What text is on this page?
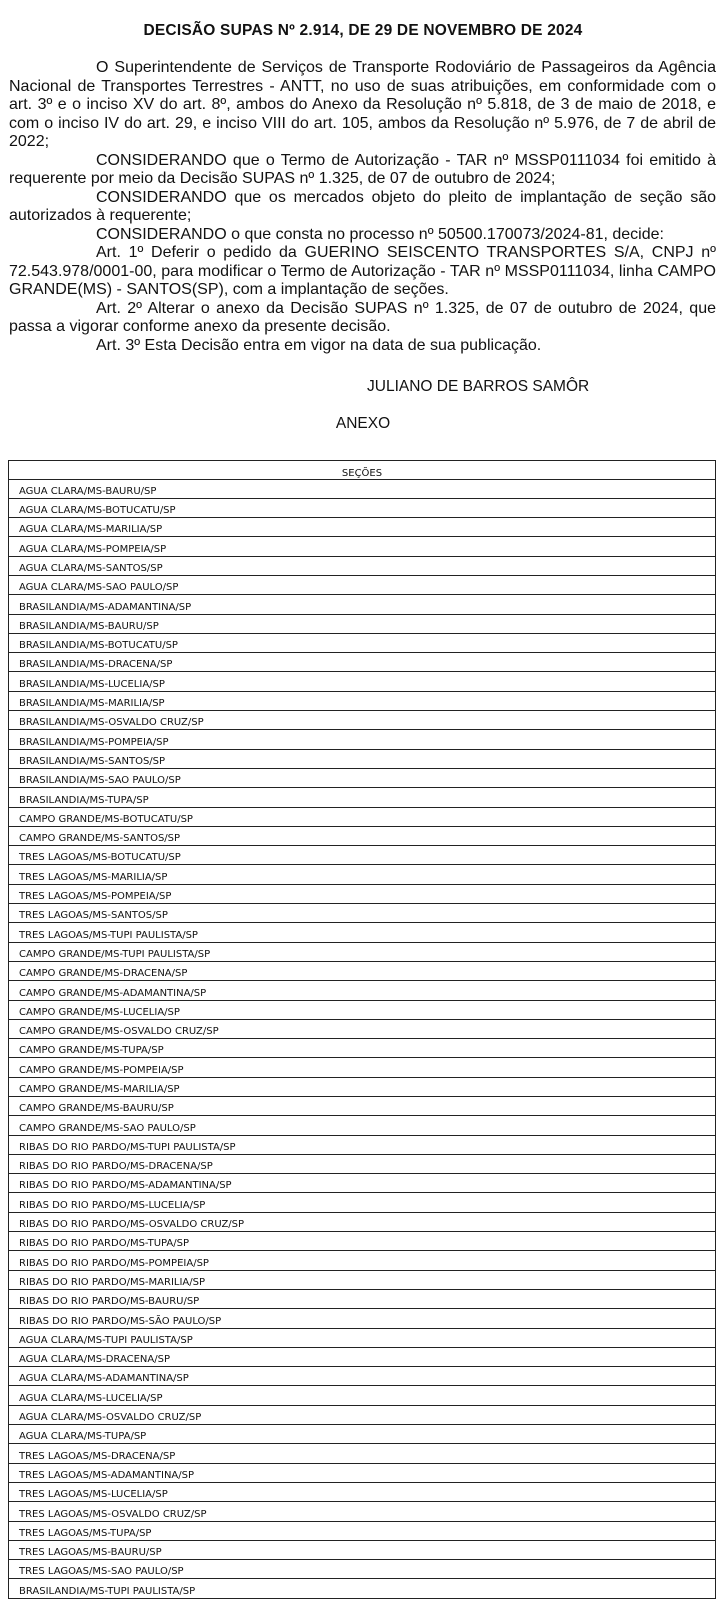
DECISÃO SUPAS Nº 2.914, DE 29 DE NOVEMBRO DE 2024

O Superintendente de Serviços de Transporte Rodoviário de Passageiros da Agência Nacional de Transportes Terrestres - ANTT, no uso de suas atribuições, em conformidade com o art. 3º e o inciso XV do art. 8º, ambos do Anexo da Resolução nº 5.818, de 3 de maio de 2018, e com o inciso IV do art. 29, e inciso VIII do art. 105, ambos da Resolução nº 5.976, de 7 de abril de 2022;

CONSIDERANDO que o Termo de Autorização - TAR nº MSSP0111034 foi emitido à requerente por meio da Decisão SUPAS nº 1.325, de 07 de outubro de 2024;

CONSIDERANDO que os mercados objeto do pleito de implantação de seção são autorizados à requerente;

CONSIDERANDO o que consta no processo nº 50500.170073/2024-81, decide:

Art. 1º Deferir o pedido da GUERINO SEISCENTO TRANSPORTES S/A, CNPJ nº 72.543.978/0001-00, para modificar o Termo de Autorização - TAR nº MSSP0111034, linha CAMPO GRANDE(MS) - SANTOS(SP), com a implantação de seções.

Art. 2º Alterar o anexo da Decisão SUPAS nº 1.325, de 07 de outubro de 2024, que passa a vigorar conforme anexo da presente decisão.

Art. 3º Esta Decisão entra em vigor na data de sua publicação.

JULIANO DE BARROS SAMÔR
ANEXO
SEÇÕES
AGUA CLARA/MS-BAURU/SP
AGUA CLARA/MS-BOTUCATU/SP
AGUA CLARA/MS-MARILIA/SP
AGUA CLARA/MS-POMPEIA/SP
AGUA CLARA/MS-SANTOS/SP
AGUA CLARA/MS-SAO PAULO/SP
BRASILANDIA/MS-ADAMANTINA/SP
BRASILANDIA/MS-BAURU/SP
BRASILANDIA/MS-BOTUCATU/SP
BRASILANDIA/MS-DRACENA/SP
BRASILANDIA/MS-LUCELIA/SP
BRASILANDIA/MS-MARILIA/SP
BRASILANDIA/MS-OSVALDO CRUZ/SP
BRASILANDIA/MS-POMPEIA/SP
BRASILANDIA/MS-SANTOS/SP
BRASILANDIA/MS-SAO PAULO/SP
BRASILANDIA/MS-TUPA/SP
CAMPO GRANDE/MS-BOTUCATU/SP
CAMPO GRANDE/MS-SANTOS/SP
TRES LAGOAS/MS-BOTUCATU/SP
TRES LAGOAS/MS-MARILIA/SP
TRES LAGOAS/MS-POMPEIA/SP
TRES LAGOAS/MS-SANTOS/SP
TRES LAGOAS/MS-TUPI PAULISTA/SP
CAMPO GRANDE/MS-TUPI PAULISTA/SP
CAMPO GRANDE/MS-DRACENA/SP
CAMPO GRANDE/MS-ADAMANTINA/SP
CAMPO GRANDE/MS-LUCELIA/SP
CAMPO GRANDE/MS-OSVALDO CRUZ/SP
CAMPO GRANDE/MS-TUPA/SP
CAMPO GRANDE/MS-POMPEIA/SP
CAMPO GRANDE/MS-MARILIA/SP
CAMPO GRANDE/MS-BAURU/SP
CAMPO GRANDE/MS-SAO PAULO/SP
RIBAS DO RIO PARDO/MS-TUPI PAULISTA/SP
RIBAS DO RIO PARDO/MS-DRACENA/SP
RIBAS DO RIO PARDO/MS-ADAMANTINA/SP
RIBAS DO RIO PARDO/MS-LUCELIA/SP
RIBAS DO RIO PARDO/MS-OSVALDO CRUZ/SP
RIBAS DO RIO PARDO/MS-TUPA/SP
RIBAS DO RIO PARDO/MS-POMPEIA/SP
RIBAS DO RIO PARDO/MS-MARILIA/SP
RIBAS DO RIO PARDO/MS-BAURU/SP
RIBAS DO RIO PARDO/MS-SÃO PAULO/SP
AGUA CLARA/MS-TUPI PAULISTA/SP
AGUA CLARA/MS-DRACENA/SP
AGUA CLARA/MS-ADAMANTINA/SP
AGUA CLARA/MS-LUCELIA/SP
AGUA CLARA/MS-OSVALDO CRUZ/SP
AGUA CLARA/MS-TUPA/SP
TRES LAGOAS/MS-DRACENA/SP
TRES LAGOAS/MS-ADAMANTINA/SP
TRES LAGOAS/MS-LUCELIA/SP
TRES LAGOAS/MS-OSVALDO CRUZ/SP
TRES LAGOAS/MS-TUPA/SP
TRES LAGOAS/MS-BAURU/SP
TRES LAGOAS/MS-SAO PAULO/SP
BRASILANDIA/MS-TUPI PAULISTA/SP
